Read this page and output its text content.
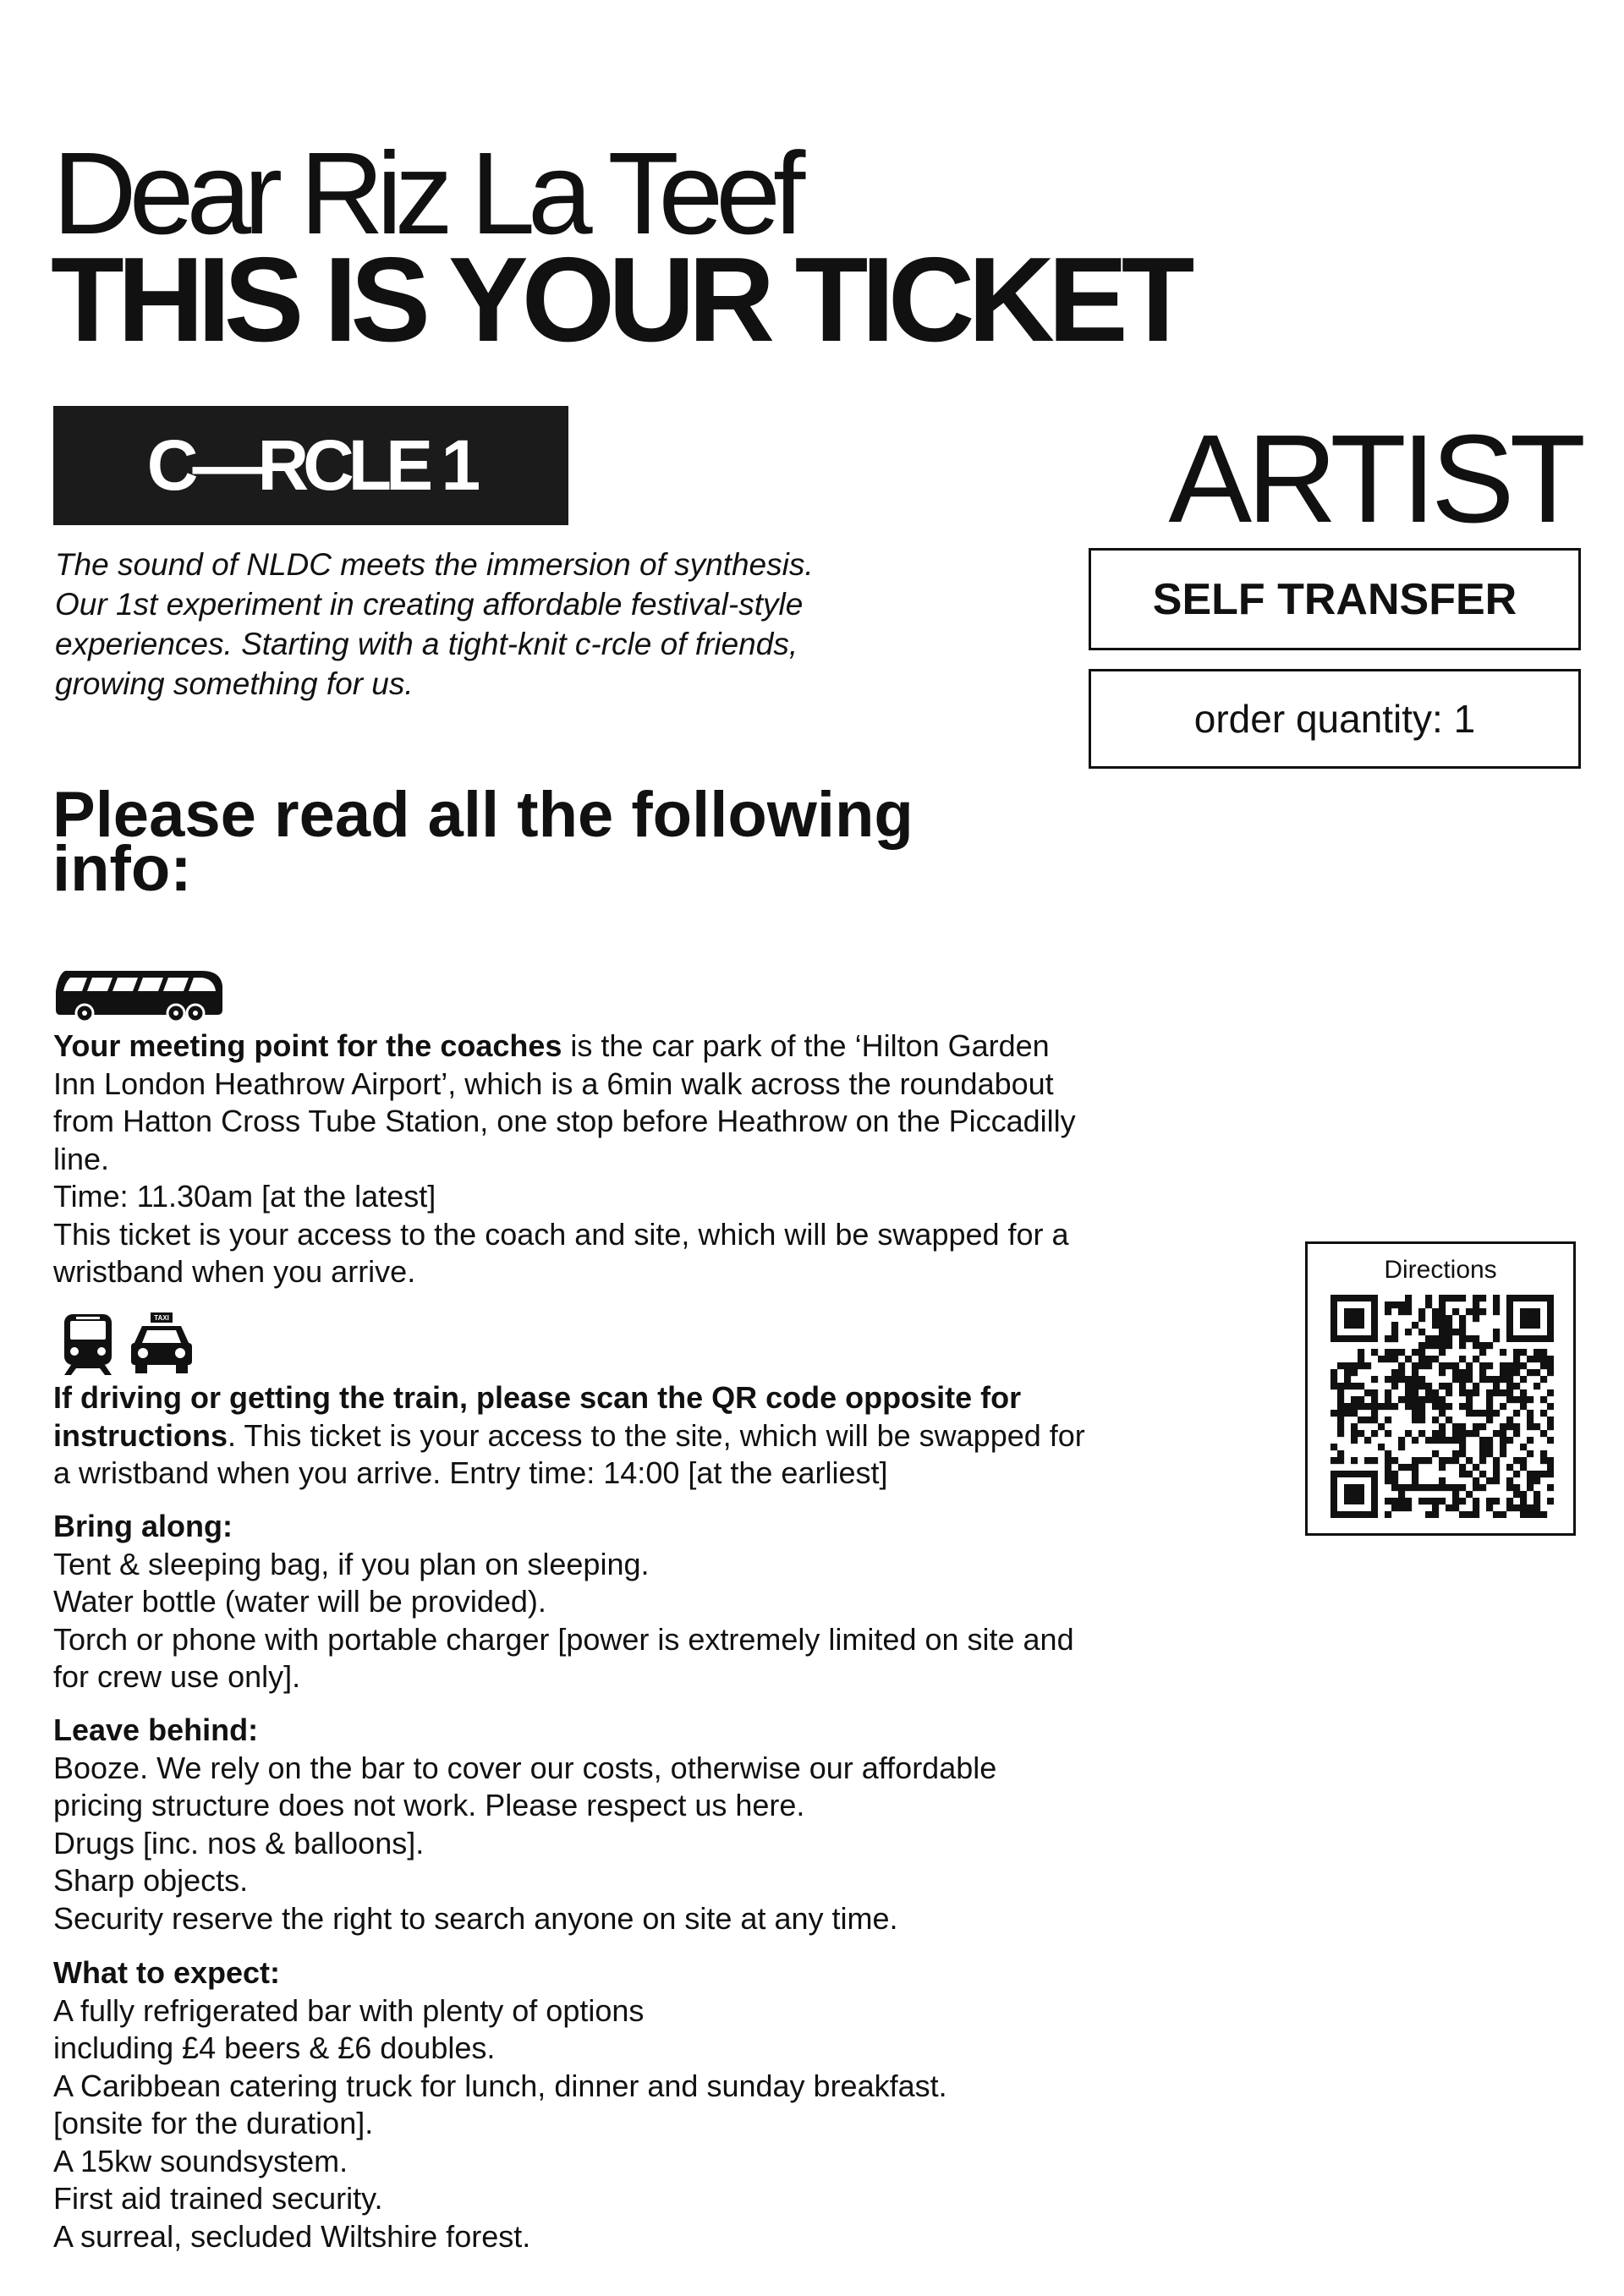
Dear Riz La Teef
THIS IS YOUR TICKET
C—RCLE 1
The sound of NLDC meets the immersion of synthesis.
Our 1st experiment in creating affordable festival-style
experiences. Starting with a tight-knit c-rcle of friends,
growing something for us.
ARTIST
SELF TRANSFER
order quantity: 1
Please read all the following info:
Your meeting point for the coaches is the car park of the ‘Hilton Garden Inn London Heathrow Airport’, which is a 6min walk across the roundabout from Hatton Cross Tube Station, one stop before Heathrow on the Piccadilly line.
Time: 11.30am [at the latest]
This ticket is your access to the coach and site, which will be swapped for a wristband when you arrive.
TAXI
If driving or getting the train, please scan the QR code opposite for instructions. This ticket is your access to the site, which will be swapped for a wristband when you arrive. Entry time: 14:00 [at the earliest]
Bring along:
Tent & sleeping bag, if you plan on sleeping.
Water bottle (water will be provided).
Torch or phone with portable charger [power is extremely limited on site and for crew use only].
Leave behind:
Booze. We rely on the bar to cover our costs, otherwise our affordable pricing structure does not work. Please respect us here.
Drugs [inc. nos & balloons].
Sharp objects.
Security reserve the right to search anyone on site at any time.
What to expect:
A fully refrigerated bar with plenty of options
including £4 beers & £6 doubles.
A Caribbean catering truck for lunch, dinner and sunday breakfast.
[onsite for the duration].
A 15kw soundsystem.
First aid trained security.
A surreal, secluded Wiltshire forest.
Directions
